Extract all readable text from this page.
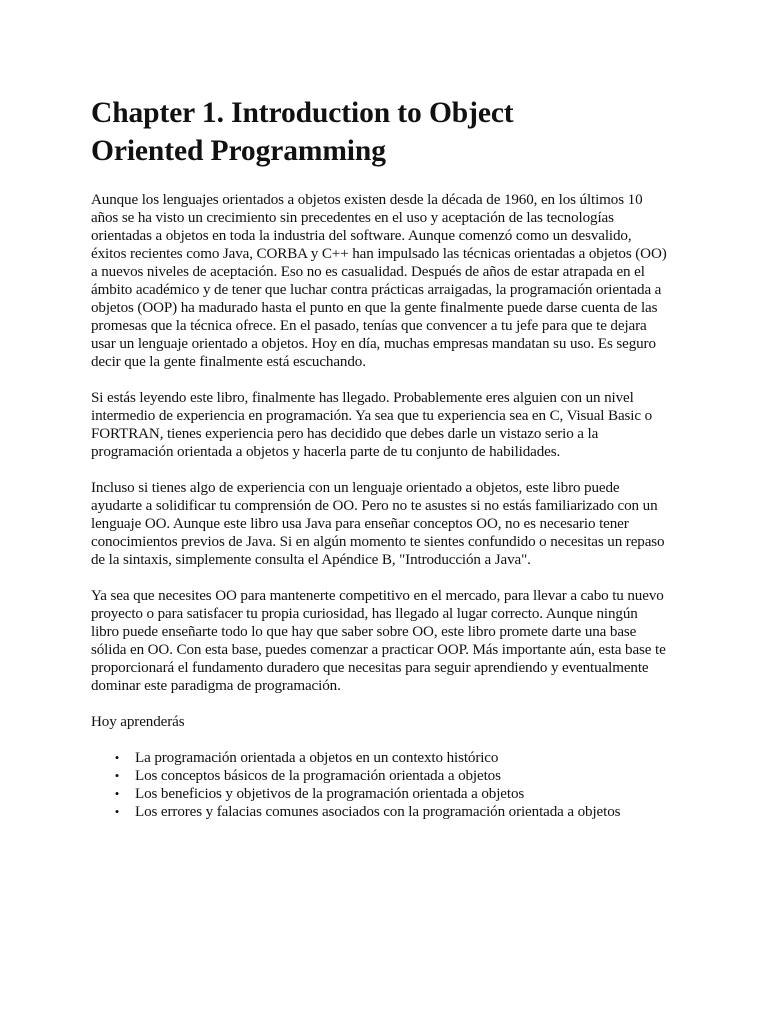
Chapter 1. Introduction to Object
Oriented Programming

Aunque los lenguajes orientados a objetos existen desde la década de 1960, en los últimos 10
años se ha visto un crecimiento sin precedentes en el uso y aceptación de las tecnologías
orientadas a objetos en toda la industria del software. Aunque comenzó como un desvalido,
éxitos recientes como Java, CORBA y C++ han impulsado las técnicas orientadas a objetos (OO)
a nuevos niveles de aceptación. Eso no es casualidad. Después de años de estar atrapada en el
ámbito académico y de tener que luchar contra prácticas arraigadas, la programación orientada a
objetos (OOP) ha madurado hasta el punto en que la gente finalmente puede darse cuenta de las
promesas que la técnica ofrece. En el pasado, tenías que convencer a tu jefe para que te dejara
usar un lenguaje orientado a objetos. Hoy en día, muchas empresas mandatan su uso. Es seguro
decir que la gente finalmente está escuchando.

Si estás leyendo este libro, finalmente has llegado. Probablemente eres alguien con un nivel
intermedio de experiencia en programación. Ya sea que tu experiencia sea en C, Visual Basic o
FORTRAN, tienes experiencia pero has decidido que debes darle un vistazo serio a la
programación orientada a objetos y hacerla parte de tu conjunto de habilidades.

Incluso si tienes algo de experiencia con un lenguaje orientado a objetos, este libro puede
ayudarte a solidificar tu comprensión de OO. Pero no te asustes si no estás familiarizado con un
lenguaje OO. Aunque este libro usa Java para enseñar conceptos OO, no es necesario tener
conocimientos previos de Java. Si en algún momento te sientes confundido o necesitas un repaso
de la sintaxis, simplemente consulta el Apéndice B, "Introducción a Java".

Ya sea que necesites OO para mantenerte competitivo en el mercado, para llevar a cabo tu nuevo
proyecto o para satisfacer tu propia curiosidad, has llegado al lugar correcto. Aunque ningún
libro puede enseñarte todo lo que hay que saber sobre OO, este libro promete darte una base
sólida en OO. Con esta base, puedes comenzar a practicar OOP. Más importante aún, esta base te
proporcionará el fundamento duradero que necesitas para seguir aprendiendo y eventualmente
dominar este paradigma de programación.

Hoy aprenderás

• La programación orientada a objetos en un contexto histórico
• Los conceptos básicos de la programación orientada a objetos
• Los beneficios y objetivos de la programación orientada a objetos
• Los errores y falacias comunes asociados con la programación orientada a objetos
